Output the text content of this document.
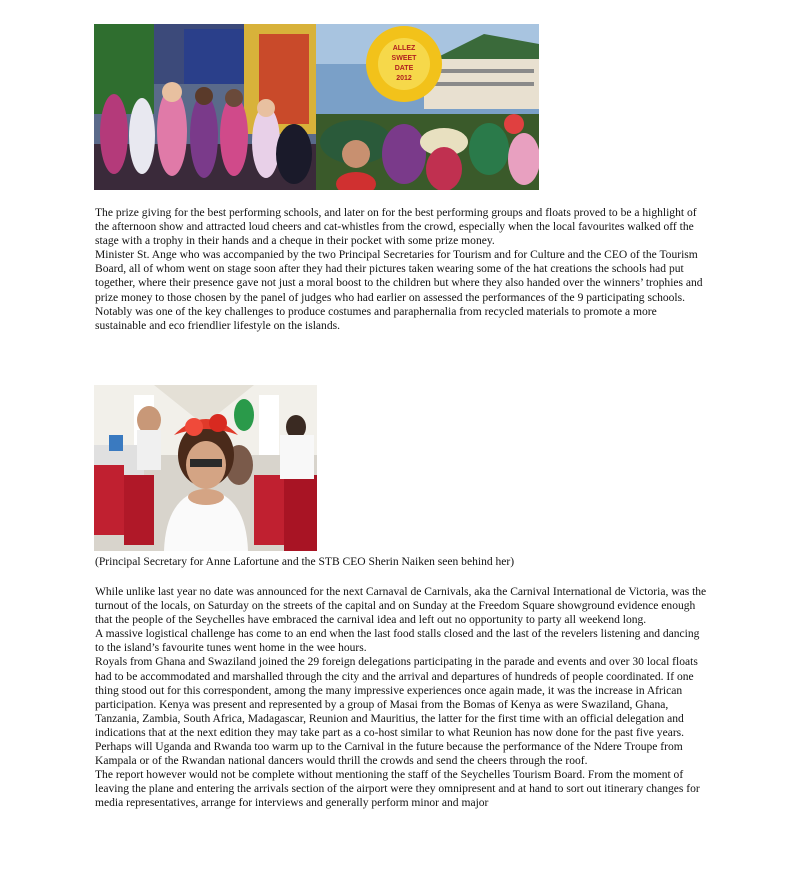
ALLEZ
SWEET
DATE
2012

The prize giving for the best performing schools, and later on for the best performing groups and floats proved to be a highlight of the afternoon show and attracted loud cheers and cat-whistles from the crowd, especially when the local favourites walked off the stage with a trophy in their hands and a cheque in their pocket with some prize money.

Minister St. Ange who was accompanied by the two Principal Secretaries for Tourism and for Culture and the CEO of the Tourism Board, all of whom went on stage soon after they had their pictures taken wearing some of the hat creations the schools had put together, where their presence gave not just a moral boost to the children but where they also handed over the winners’ trophies and prize money to those chosen by the panel of judges who had earlier on assessed the performances of the 9 participating schools. Notably was one of the key challenges to produce costumes and paraphernalia from recycled materials to promote a more sustainable and eco friendlier lifestyle on the islands.

(Principal Secretary for Anne Lafortune and the STB CEO Sherin Naiken seen behind her)

While unlike last year no date was announced for the next Carnaval de Carnivals, aka the Carnival International de Victoria, was the turnout of the locals, on Saturday on the streets of the capital and on Sunday at the Freedom Square showground evidence enough that the people of the Seychelles have embraced the carnival idea and left out no opportunity to party all weekend long.

A massive logistical challenge has come to an end when the last food stalls closed and the last of the revelers listening and dancing to the island’s favourite tunes went home in the wee hours.

Royals from Ghana and Swaziland joined the 29 foreign delegations participating in the parade and events and over 30 local floats had to be accommodated and marshalled through the city and the arrival and departures of hundreds of people coordinated. If one thing stood out for this correspondent, among the many impressive experiences once again made, it was the increase in African participation. Kenya was present and represented by a group of Masai from the Bomas of Kenya as were Swaziland, Ghana, Tanzania, Zambia, South Africa, Madagascar, Reunion and Mauritius, the latter for the first time with an official delegation and indications that at the next edition they may take part as a co-host similar to what Reunion has now done for the past five years. Perhaps will Uganda and Rwanda too warm up to the Carnival in the future because the performance of the Ndere Troupe from Kampala or of the Rwandan national dancers would thrill the crowds and send the cheers through the roof.

The report however would not be complete without mentioning the staff of the Seychelles Tourism Board. From the moment of leaving the plane and entering the arrivals section of the airport were they omnipresent and at hand to sort out itinerary changes for media representatives, arrange for interviews and generally perform minor and major
